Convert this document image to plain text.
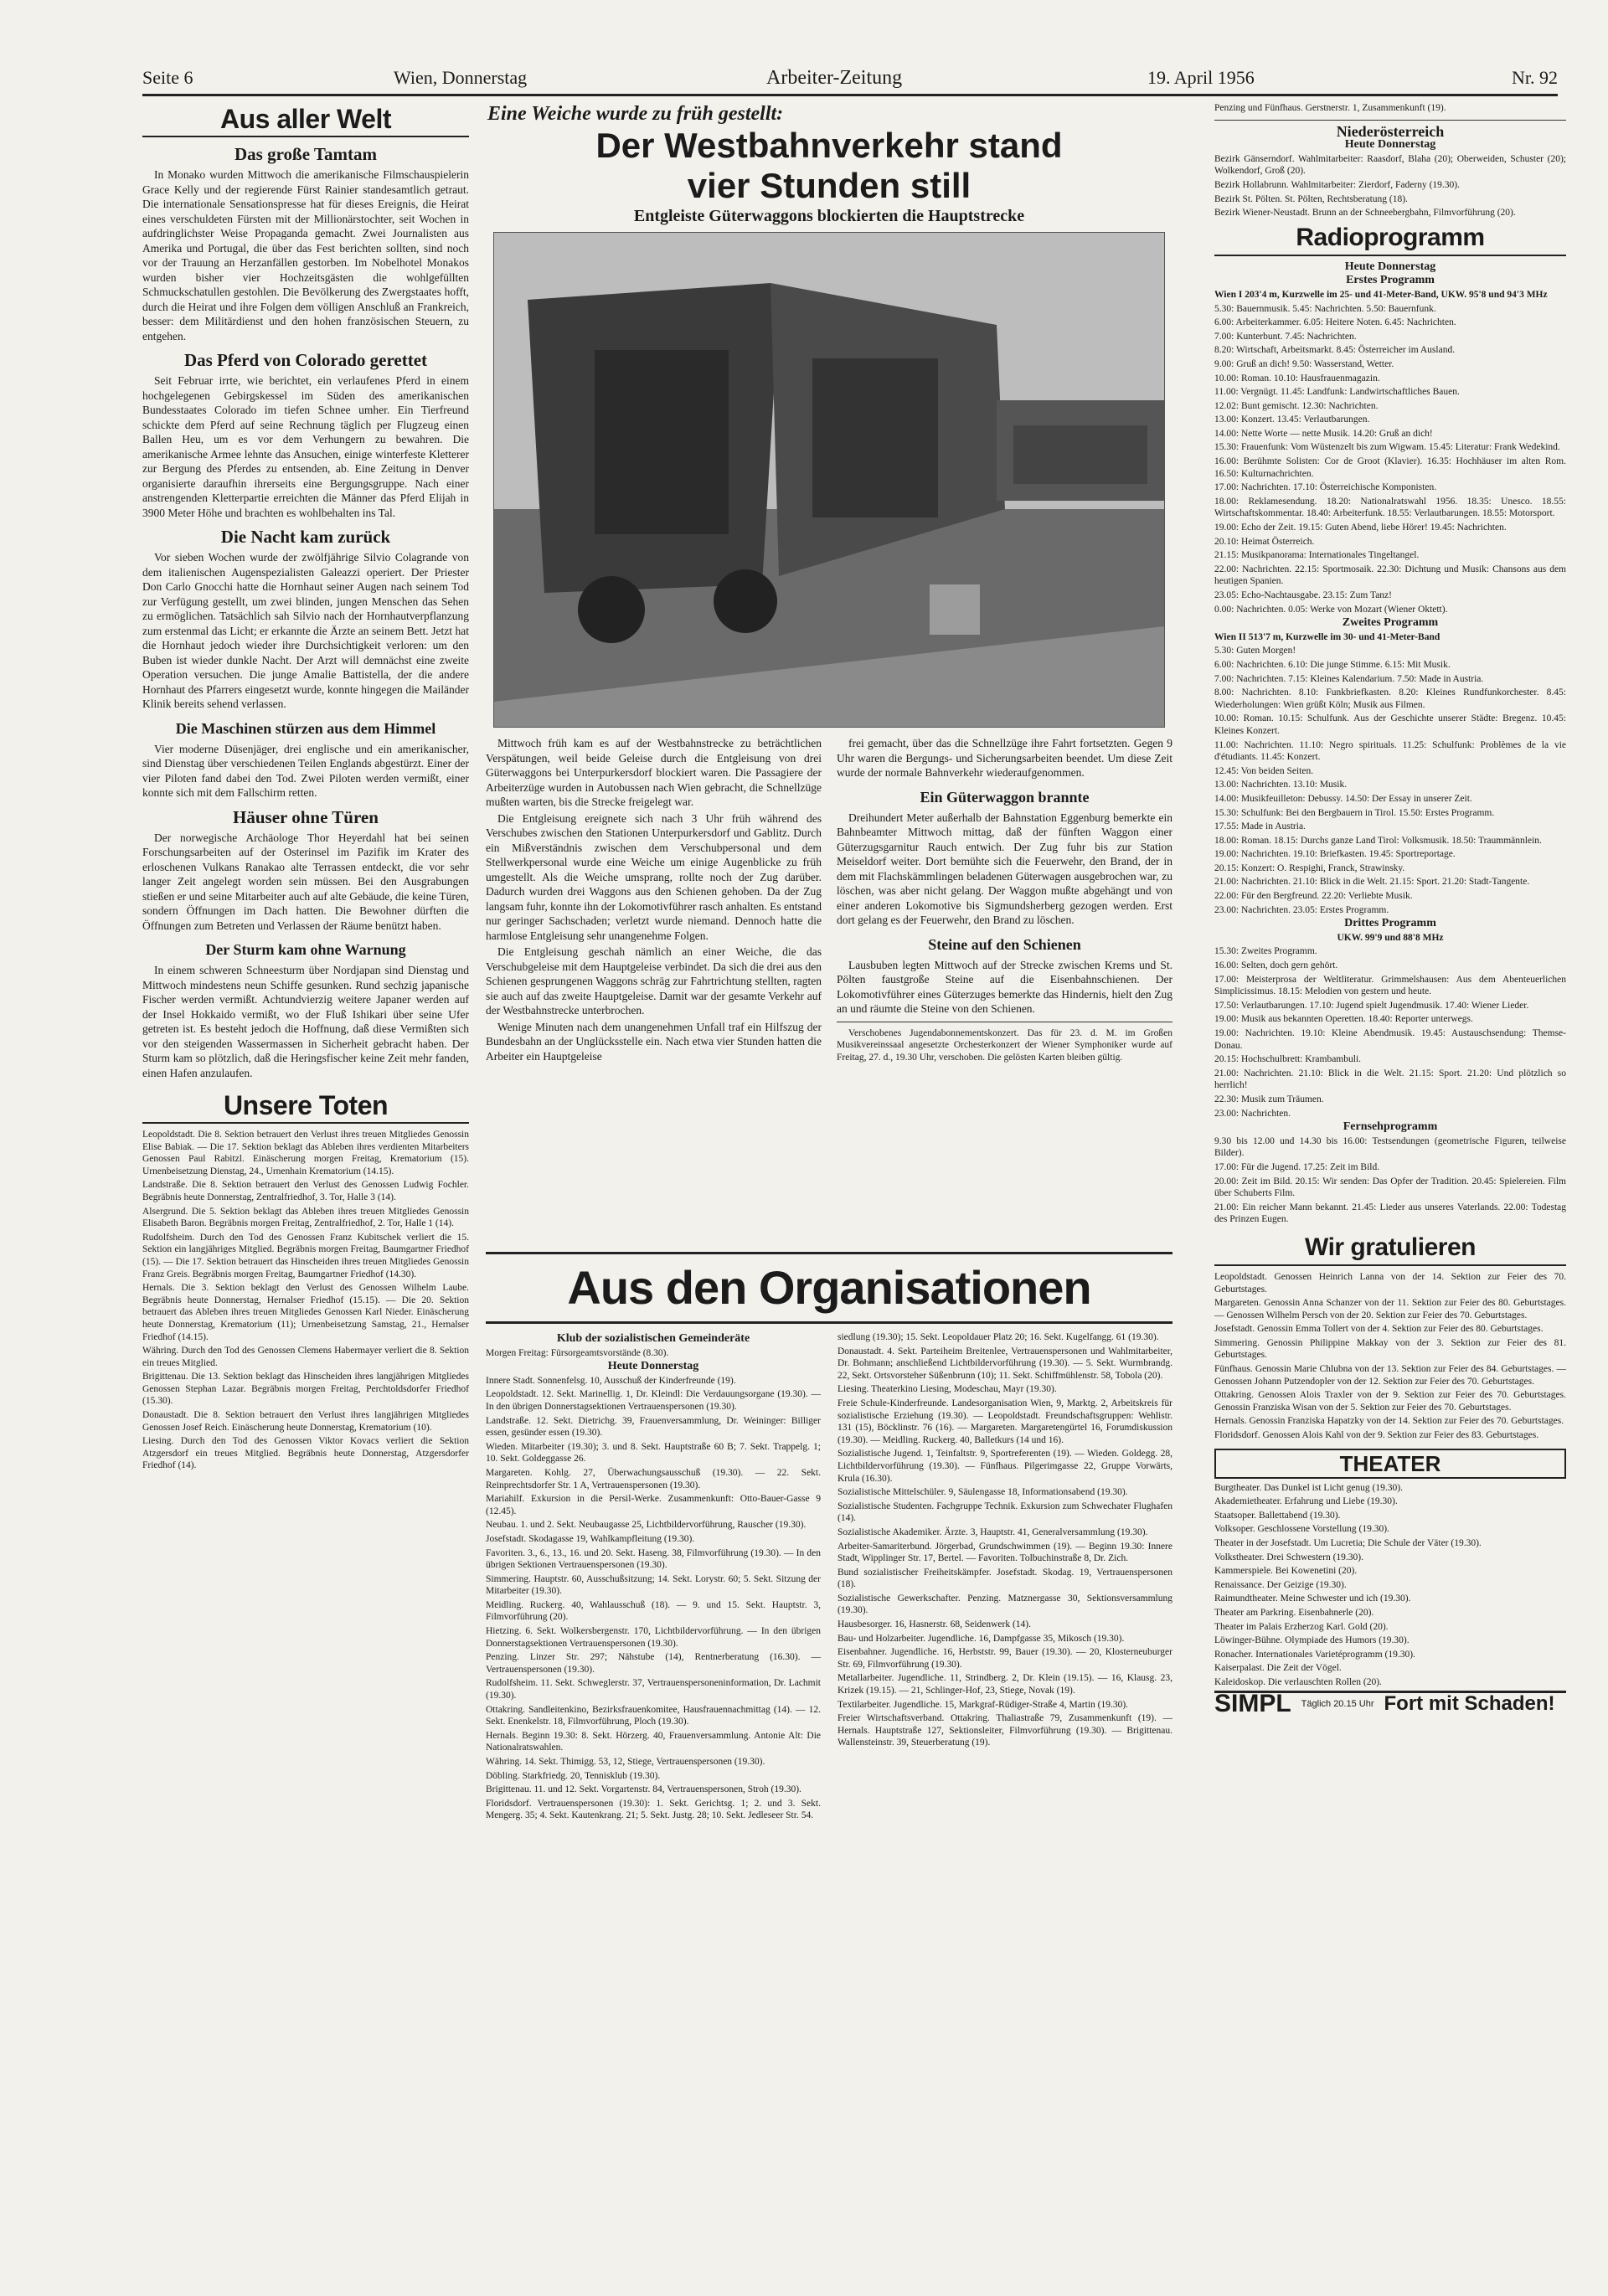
Seite 6	Wien, Donnerstag	Arbeiter-Zeitung	19. April 1956	Nr. 92
Aus aller Welt
Das große Tamtam

In Monako wurden Mittwoch die amerikanische Filmschauspielerin Grace Kelly und der regierende Fürst Rainier standesamtlich getraut. Die internationale Sensationspresse hat für dieses Ereignis, die Heirat eines verschuldeten Fürsten mit der Millionärstochter, seit Wochen in aufdringlichster Weise Propaganda gemacht. Zwei Journalisten aus Amerika und Portugal, die über das Fest berichten sollten, sind noch vor der Trauung an Herzanfällen gestorben. Im Nobelhotel Monakos wurden bisher vier Hochzeitsgästen die wohlgefüllten Schmuckschatullen gestohlen. Die Bevölkerung des Zwergstaates hofft, durch die Heirat und ihre Folgen dem völligen Anschluß an Frankreich, besser: dem Militärdienst und den hohen französischen Steuern, zu entgehen.

Das Pferd von Colorado gerettet

Seit Februar irrte, wie berichtet, ein verlaufenes Pferd in einem hochgelegenen Gebirgskessel im Süden des amerikanischen Bundesstaates Colorado im tiefen Schnee umher. Ein Tierfreund schickte dem Pferd auf seine Rechnung täglich per Flugzeug einen Ballen Heu, um es vor dem Verhungern zu bewahren. Die amerikanische Armee lehnte das Ansuchen, einige winterfeste Kletterer zur Bergung des Pferdes zu entsenden, ab. Eine Zeitung in Denver organisierte daraufhin ihrerseits eine Bergungsgruppe. Nach einer anstrengenden Kletterpartie erreichten die Männer das Pferd Elijah in 3900 Meter Höhe und brachten es wohlbehalten ins Tal.

Die Nacht kam zurück

Vor sieben Wochen wurde der zwölfjährige Silvio Colagrande von dem italienischen Augenspezialisten Galeazzi operiert. Der Priester Don Carlo Gnocchi hatte die Hornhaut seiner Augen nach seinem Tod zur Verfügung gestellt, um zwei blinden, jungen Menschen das Sehen zu ermöglichen. Tatsächlich sah Silvio nach der Hornhautverpflanzung zum erstenmal das Licht; er erkannte die Ärzte an seinem Bett. Jetzt hat die Hornhaut jedoch wieder ihre Durchsichtigkeit verloren: um den Buben ist wieder dunkle Nacht. Der Arzt will demnächst eine zweite Operation versuchen. Die junge Amalie Battistella, der die andere Hornhaut des Pfarrers eingesetzt wurde, konnte hingegen die Mailänder Klinik bereits sehend verlassen.

Die Maschinen stürzen aus dem Himmel

Vier moderne Düsenjäger, drei englische und ein amerikanischer, sind Dienstag über verschiedenen Teilen Englands abgestürzt. Einer der vier Piloten fand dabei den Tod. Zwei Piloten werden vermißt, einer konnte sich mit dem Fallschirm retten.

Häuser ohne Türen

Der norwegische Archäologe Thor Heyerdahl hat bei seinen Forschungsarbeiten auf der Osterinsel im Pazifik im Krater des erloschenen Vulkans Ranakao alte Terrassen entdeckt, die vor sehr langer Zeit angelegt worden sein müssen. Bei den Ausgrabungen stießen er und seine Mitarbeiter auch auf alte Gebäude, die keine Türen, sondern Öffnungen im Dach hatten. Die Bewohner dürften die Öffnungen zum Betreten und Verlassen der Räume benützt haben.

Der Sturm kam ohne Warnung

In einem schweren Schneesturm über Nordjapan sind Dienstag und Mittwoch mindestens neun Schiffe gesunken. Rund sechzig japanische Fischer werden vermißt. Achtundvierzig weitere Japaner werden auf der Insel Hokkaido vermißt, wo der Fluß Ishikari über seine Ufer getreten ist. Es besteht jedoch die Hoffnung, daß diese Vermißten sich vor den steigenden Wassermassen in Sicherheit gebracht haben. Der Sturm kam so plötzlich, daß die Heringsfischer keine Zeit mehr fanden, einen Hafen anzulaufen.

Unsere Toten

Leopoldstadt. Die 8. Sektion betrauert den Verlust ihres treuen Mitgliedes Genossin Elise Babiak. — Die 17. Sektion beklagt das Ableben ihres verdienten Mitarbeiters Genossen Paul Rabitzl. Einäscherung morgen Freitag, Krematorium (15). Urnenbeisetzung Dienstag, 24., Urnenhain Krematorium (14.15).

Landstraße. Die 8. Sektion betrauert den Verlust des Genossen Ludwig Fochler. Begräbnis heute Donnerstag, Zentralfriedhof, 3. Tor, Halle 3 (14).

Alsergrund. Die 5. Sektion beklagt das Ableben ihres treuen Mitgliedes Genossin Elisabeth Baron. Begräbnis morgen Freitag, Zentralfriedhof, 2. Tor, Halle 1 (14).

Rudolfsheim. Durch den Tod des Genossen Franz Kubitschek verliert die 15. Sektion ein langjähriges Mitglied. Begräbnis morgen Freitag, Baumgartner Friedhof (15). — Die 17. Sektion betrauert das Hinscheiden ihres treuen Mitgliedes Genossin Franz Greis. Begräbnis morgen Freitag, Baumgartner Friedhof (14.30).

Hernals. Die 3. Sektion beklagt den Verlust des Genossen Wilhelm Laube. Begräbnis heute Donnerstag, Hernalser Friedhof (15.15). — Die 20. Sektion betrauert das Ableben ihres treuen Mitgliedes Genossen Karl Nieder. Einäscherung heute Donnerstag, Krematorium (11); Urnenbeisetzung Samstag, 21., Hernalser Friedhof (14.15).

Währing. Durch den Tod des Genossen Clemens Habermayer verliert die 8. Sektion ein treues Mitglied.

Brigittenau. Die 13. Sektion beklagt das Hinscheiden ihres langjährigen Mitgliedes Genossen Stephan Lazar. Begräbnis morgen Freitag, Perchtoldsdorfer Friedhof (15.30).

Donaustadt. Die 8. Sektion betrauert den Verlust ihres langjährigen Mitgliedes Genossen Josef Reich. Einäscherung heute Donnerstag, Krematorium (10).

Liesing. Durch den Tod des Genossen Viktor Kovacs verliert die Sektion Atzgersdorf ein treues Mitglied. Begräbnis heute Donnerstag, Atzgersdorfer Friedhof (14).

Eine Weiche wurde zu früh gestellt:
Der Westbahnverkehr stand
vier Stunden still
Entgleiste Güterwaggons blockierten die Hauptstrecke

Mittwoch früh kam es auf der Westbahnstrecke zu beträchtlichen Verspätungen, weil beide Geleise durch die Entgleisung von drei Güterwaggons bei Unterpurkersdorf blockiert waren. Die Passagiere der Arbeiterzüge wurden in Autobussen nach Wien gebracht, die Schnellzüge mußten warten, bis die Strecke freigelegt war.

Die Entgleisung ereignete sich nach 3 Uhr früh während des Verschubes zwischen den Stationen Unterpurkersdorf und Gablitz. Durch ein Mißverständnis zwischen dem Verschubpersonal und dem Stellwerkpersonal wurde eine Weiche um einige Augenblicke zu früh umgestellt. Als die Weiche umsprang, rollte noch der Zug darüber. Dadurch wurden drei Waggons aus den Schienen gehoben. Da der Zug langsam fuhr, konnte ihn der Lokomotivführer rasch anhalten. Es entstand nur geringer Sachschaden; verletzt wurde niemand. Dennoch hatte die harmlose Entgleisung sehr unangenehme Folgen.

Die Entgleisung geschah nämlich an einer Weiche, die das Verschubgeleise mit dem Hauptgeleise verbindet. Da sich die drei aus den Schienen gesprungenen Waggons schräg zur Fahrtrichtung stellten, ragten sie auch auf das zweite Hauptgeleise. Damit war der gesamte Verkehr auf der Westbahnstrecke unterbrochen.

Wenige Minuten nach dem unangenehmen Unfall traf ein Hilfszug der Bundesbahn an der Unglücksstelle ein. Nach etwa vier Stunden hatten die Arbeiter ein Hauptgeleise

frei gemacht, über das die Schnellzüge ihre Fahrt fortsetzten. Gegen 9 Uhr waren die Bergungs- und Sicherungsarbeiten beendet. Um diese Zeit wurde der normale Bahnverkehr wiederaufgenommen.

Ein Güterwaggon brannte

Dreihundert Meter außerhalb der Bahnstation Eggenburg bemerkte ein Bahnbeamter Mittwoch mittag, daß der fünften Waggon einer Güterzugsgarnitur Rauch entwich. Der Zug fuhr bis zur Station Meiseldorf weiter. Dort bemühte sich die Feuerwehr, den Brand, der in dem mit Flachskämmlingen beladenen Güterwagen ausgebrochen war, zu löschen, was aber nicht gelang. Der Waggon mußte abgehängt und von einer anderen Lokomotive bis Sigmundsherberg gezogen werden. Erst dort gelang es der Feuerwehr, den Brand zu löschen.

Steine auf den Schienen

Lausbuben legten Mittwoch auf der Strecke zwischen Krems und St. Pölten faustgroße Steine auf die Eisenbahnschienen. Der Lokomotivführer eines Güterzuges bemerkte das Hindernis, hielt den Zug an und räumte die Steine von den Schienen.

Verschobenes Jugendabonnementskonzert. Das für 23. d. M. im Großen Musikvereinssaal angesetzte Orchesterkonzert der Wiener Symphoniker wurde auf Freitag, 27. d., 19.30 Uhr, verschoben. Die gelösten Karten bleiben gültig.

Aus den Organisationen
Klub der sozialistischen Gemeinderäte

Morgen Freitag: Fürsorgeamtsvorstände (8.30).

Heute Donnerstag

Innere Stadt. Sonnenfelsg. 10, Ausschuß der Kinderfreunde (19).

Leopoldstadt. 12. Sekt. Marinellig. 1, Dr. Kleindl: Die Verdauungsorgane (19.30). — In den übrigen Donnerstagsektionen Vertrauenspersonen (19.30).

Landstraße. 12. Sekt. Dietrichg. 39, Frauenversammlung, Dr. Weininger: Billiger essen, gesünder essen (19.30).

Wieden. Mitarbeiter (19.30); 3. und 8. Sekt. Hauptstraße 60 B; 7. Sekt. Trappelg. 1; 10. Sekt. Goldeggasse 26.

Margareten. Kohlg. 27, Überwachungsausschuß (19.30). — 22. Sekt. Reinprechtsdorfer Str. 1 A, Vertrauenspersonen (19.30).

Mariahilf. Exkursion in die Persil-Werke. Zusammenkunft: Otto-Bauer-Gasse 9 (12.45).

Neubau. 1. und 2. Sekt. Neubaugasse 25, Lichtbildervorführung, Rauscher (19.30).

Josefstadt. Skodagasse 19, Wahlkampfleitung (19.30).

Favoriten. 3., 6., 13., 16. und 20. Sekt. Haseng. 38, Filmvorführung (19.30). — In den übrigen Sektionen Vertrauenspersonen (19.30).

Simmering. Hauptstr. 60, Ausschußsitzung; 14. Sekt. Lorystr. 60; 5. Sekt. Sitzung der Mitarbeiter (19.30).

Meidling. Ruckerg. 40, Wahlausschuß (18). — 9. und 15. Sekt. Hauptstr. 3, Filmvorführung (20).

Hietzing. 6. Sekt. Wolkersbergenstr. 170, Lichtbildervorführung. — In den übrigen Donnerstagsektionen Vertrauenspersonen (19.30).

Penzing. Linzer Str. 297; Nähstube (14), Rentnerberatung (16.30). — Vertrauenspersonen (19.30).

Rudolfsheim. 11. Sekt. Schweglerstr. 37, Vertrauenspersoneninformation, Dr. Lachmit (19.30).

Ottakring. Sandleitenkino, Bezirksfrauenkomitee, Hausfrauennachmittag (14). — 12. Sekt. Enenkelstr. 18, Filmvorführung, Ploch (19.30).

Hernals. Beginn 19.30: 8. Sekt. Hörzerg. 40, Frauenversammlung. Antonie Alt: Die Nationalratswahlen.

Währing. 14. Sekt. Thimigg. 53, 12, Stiege, Vertrauenspersonen (19.30).

Döbling. Starkfriedg. 20, Tennisklub (19.30).

Brigittenau. 11. und 12. Sekt. Vorgartenstr. 84, Vertrauenspersonen, Stroh (19.30).

Floridsdorf. Vertrauenspersonen (19.30): 1. Sekt. Gerichtsg. 1; 2. und 3. Sekt. Mengerg. 35; 4. Sekt. Kautenkrang. 21; 5. Sekt. Justg. 28; 10. Sekt. Jedleseer Str. 54.

siedlung (19.30); 15. Sekt. Leopoldauer Platz 20; 16. Sekt. Kugelfangg. 61 (19.30).

Donaustadt. 4. Sekt. Parteiheim Breitenlee, Vertrauenspersonen und Wahlmitarbeiter, Dr. Bohmann; anschließend Lichtbildervorführung (19.30). — 5. Sekt. Wurmbrandg. 22, Sekt. Ortsvorsteher Süßenbrunn (10); 11. Sekt. Schiffmühlenstr. 58, Tobola (20).

Liesing. Theaterkino Liesing, Modeschau, Mayr (19.30).

Freie Schule-Kinderfreunde. Landesorganisation Wien, 9, Marktg. 2, Arbeitskreis für sozialistische Erziehung (19.30). — Leopoldstadt. Freundschaftsgruppen: Wehlistr. 131 (15), Böcklinstr. 76 (16). — Margareten. Margaretengürtel 16, Forumdiskussion (19.30). — Meidling. Ruckerg. 40, Balletkurs (14 und 16).

Sozialistische Jugend. 1, Teinfaltstr. 9, Sportreferenten (19). — Wieden. Goldegg. 28, Lichtbildervorführung (19.30). — Fünfhaus. Pilgerimgasse 22, Gruppe Vorwärts, Krula (16.30).

Sozialistische Mittelschüler. 9, Säulengasse 18, Informationsabend (19.30).

Sozialistische Studenten. Fachgruppe Technik. Exkursion zum Schwechater Flughafen (14).

Sozialistische Akademiker. Ärzte. 3, Hauptstr. 41, Generalversammlung (19.30).

Arbeiter-Samariterbund. Jörgerbad, Grundschwimmen (19). — Beginn 19.30: Innere Stadt, Wipplinger Str. 17, Bertel. — Favoriten. Tolbuchinstraße 8, Dr. Zich.

Bund sozialistischer Freiheitskämpfer. Josefstadt. Skodag. 19, Vertrauenspersonen (18).

Sozialistische Gewerkschafter. Penzing. Matznergasse 30, Sektionsversammlung (19.30).

Hausbesorger. 16, Hasnerstr. 68, Seidenwerk (14).

Bau- und Holzarbeiter. Jugendliche. 16, Dampfgasse 35, Mikosch (19.30).

Eisenbahner. Jugendliche. 16, Herbststr. 99, Bauer (19.30). — 20, Klosterneuburger Str. 69, Filmvorführung (19.30).

Metallarbeiter. Jugendliche. 11, Strindberg. 2, Dr. Klein (19.15). — 16, Klausg. 23, Krizek (19.15). — 21, Schlinger-Hof, 23, Stiege, Novak (19).

Textilarbeiter. Jugendliche. 15, Markgraf-Rüdiger-Straße 4, Martin (19.30).

Freier Wirtschaftsverband. Ottakring. Thaliastraße 79, Zusammenkunft (19). — Hernals. Hauptstraße 127, Sektionsleiter, Filmvorführung (19.30). — Brigittenau. Wallensteinstr. 39, Steuerberatung (19).

Penzing und Fünfhaus. Gerstnerstr. 1, Zusammenkunft (19).

Niederösterreich
Heute Donnerstag

Bezirk Gänserndorf. Wahlmitarbeiter: Raasdorf, Blaha (20); Oberweiden, Schuster (20); Wolkendorf, Groß (20).

Bezirk Hollabrunn. Wahlmitarbeiter: Zierdorf, Faderny (19.30).

Bezirk St. Pölten. St. Pölten, Rechtsberatung (18).

Bezirk Wiener-Neustadt. Brunn an der Schneebergbahn, Filmvorführung (20).

Radioprogramm
Heute Donnerstag
Erstes Programm

Wien I 203'4 m, Kurzwelle im 25- und 41-Meter-Band, UKW. 95'8 und 94'3 MHz

5.30: Bauernmusik. 5.45: Nachrichten. 5.50: Bauernfunk.

6.00: Arbeiterkammer. 6.05: Heitere Noten. 6.45: Nachrichten.

7.00: Kunterbunt. 7.45: Nachrichten.

8.20: Wirtschaft, Arbeitsmarkt. 8.45: Österreicher im Ausland.

9.00: Gruß an dich! 9.50: Wasserstand, Wetter.

10.00: Roman. 10.10: Hausfrauenmagazin.

11.00: Vergnügt. 11.45: Landfunk: Landwirtschaftliches Bauen.

12.02: Bunt gemischt. 12.30: Nachrichten.

13.00: Konzert. 13.45: Verlautbarungen.

14.00: Nette Worte — nette Musik. 14.20: Gruß an dich!

15.30: Frauenfunk: Vom Wüstenzelt bis zum Wigwam. 15.45: Literatur: Frank Wedekind.

16.00: Berühmte Solisten: Cor de Groot (Klavier). 16.35: Hochhäuser im alten Rom. 16.50: Kulturnachrichten.

17.00: Nachrichten. 17.10: Österreichische Komponisten.

18.00: Reklamesendung. 18.20: Nationalratswahl 1956. 18.35: Unesco. 18.55: Wirtschaftskommentar. 18.40: Arbeiterfunk. 18.55: Verlautbarungen. 18.55: Motorsport.

19.00: Echo der Zeit. 19.15: Guten Abend, liebe Hörer! 19.45: Nachrichten.

20.10: Heimat Österreich.

21.15: Musikpanorama: Internationales Tingeltangel.

22.00: Nachrichten. 22.15: Sportmosaik. 22.30: Dichtung und Musik: Chansons aus dem heutigen Spanien.

23.05: Echo-Nachtausgabe. 23.15: Zum Tanz!

0.00: Nachrichten. 0.05: Werke von Mozart (Wiener Oktett).

Zweites Programm

Wien II 513'7 m, Kurzwelle im 30- und 41-Meter-Band

5.30: Guten Morgen!

6.00: Nachrichten. 6.10: Die junge Stimme. 6.15: Mit Musik.

7.00: Nachrichten. 7.15: Kleines Kalendarium. 7.50: Made in Austria.

8.00: Nachrichten. 8.10: Funkbriefkasten. 8.20: Kleines Rundfunkorchester. 8.45: Wiederholungen: Wien grüßt Köln; Musik aus Filmen.

10.00: Roman. 10.15: Schulfunk. Aus der Geschichte unserer Städte: Bregenz. 10.45: Kleines Konzert.

11.00: Nachrichten. 11.10: Negro spirituals. 11.25: Schulfunk: Problèmes de la vie d'étudiants. 11.45: Konzert.

12.45: Von beiden Seiten.

13.00: Nachrichten. 13.10: Musik.

14.00: Musikfeuilleton: Debussy. 14.50: Der Essay in unserer Zeit.

15.30: Schulfunk: Bei den Bergbauern in Tirol. 15.50: Erstes Programm.

17.55: Made in Austria.

18.00: Roman. 18.15: Durchs ganze Land Tirol: Volksmusik. 18.50: Traummännlein.

19.00: Nachrichten. 19.10: Briefkasten. 19.45: Sportreportage.

20.15: Konzert: O. Respighi, Franck, Strawinsky.

21.00: Nachrichten. 21.10: Blick in die Welt. 21.15: Sport. 21.20: Stadt-Tangente.

22.00: Für den Bergfreund. 22.20: Verliebte Musik.

23.00: Nachrichten. 23.05: Erstes Programm.

Drittes Programm

UKW. 99'9 und 88'8 MHz

15.30: Zweites Programm.

16.00: Selten, doch gern gehört.

17.00: Meisterprosa der Weltliteratur. Grimmelshausen: Aus dem Abenteuerlichen Simplicissimus. 18.15: Melodien von gestern und heute.

17.50: Verlautbarungen. 17.10: Jugend spielt Jugendmusik. 17.40: Wiener Lieder.

19.00: Musik aus bekannten Operetten. 18.40: Reporter unterwegs.

19.00: Nachrichten. 19.10: Kleine Abendmusik. 19.45: Austauschsendung: Themse-Donau.

20.15: Hochschulbrett: Krambambuli.

21.00: Nachrichten. 21.10: Blick in die Welt. 21.15: Sport. 21.20: Und plötzlich so herrlich!

22.30: Musik zum Träumen.

23.00: Nachrichten.

Fernsehprogramm

9.30 bis 12.00 und 14.30 bis 16.00: Testsendungen (geometrische Figuren, teilweise Bilder).

17.00: Für die Jugend. 17.25: Zeit im Bild.

20.00: Zeit im Bild. 20.15: Wir senden: Das Opfer der Tradition. 20.45: Spielereien. Film über Schuberts Film.

21.00: Ein reicher Mann bekannt. 21.45: Lieder aus unseres Vaterlands. 22.00: Todestag des Prinzen Eugen.

Wir gratulieren

Leopoldstadt. Genossen Heinrich Lanna von der 14. Sektion zur Feier des 70. Geburtstages.

Margareten. Genossin Anna Schanzer von der 11. Sektion zur Feier des 80. Geburtstages. — Genossen Wilhelm Persch von der 20. Sektion zur Feier des 70. Geburtstages.

Josefstadt. Genossin Emma Tollert von der 4. Sektion zur Feier des 80. Geburtstages.

Simmering. Genossin Philippine Makkay von der 3. Sektion zur Feier des 81. Geburtstages.

Fünfhaus. Genossin Marie Chlubna von der 13. Sektion zur Feier des 84. Geburtstages. — Genossen Johann Putzendopler von der 12. Sektion zur Feier des 70. Geburtstages.

Ottakring. Genossen Alois Traxler von der 9. Sektion zur Feier des 70. Geburtstages. Genossin Franziska Wisan von der 5. Sektion zur Feier des 70. Geburtstages.

Hernals. Genossin Franziska Hapatzky von der 14. Sektion zur Feier des 70. Geburtstages.

Floridsdorf. Genossen Alois Kahl von der 9. Sektion zur Feier des 83. Geburtstages.

THEATER

Burgtheater. Das Dunkel ist Licht genug (19.30).

Akademietheater. Erfahrung und Liebe (19.30).

Staatsoper. Ballettabend (19.30).

Volksoper. Geschlossene Vorstellung (19.30).

Theater in der Josefstadt. Um Lucretia; Die Schule der Väter (19.30).

Volkstheater. Drei Schwestern (19.30).

Kammerspiele. Bei Kowenetini (20).

Renaissance. Der Geizige (19.30).

Raimundtheater. Meine Schwester und ich (19.30).

Theater am Parkring. Eisenbahnerle (20).

Theater im Palais Erzherzog Karl. Gold (20).

Löwinger-Bühne. Olympiade des Humors (19.30).

Ronacher. Internationales Varietéprogramm (19.30).

Kaiserpalast. Die Zeit der Vögel.

Kaleidoskop. Die verlauschten Rollen (20).

SIMPL Täglich 20.15 Uhr Fort mit Schaden!
